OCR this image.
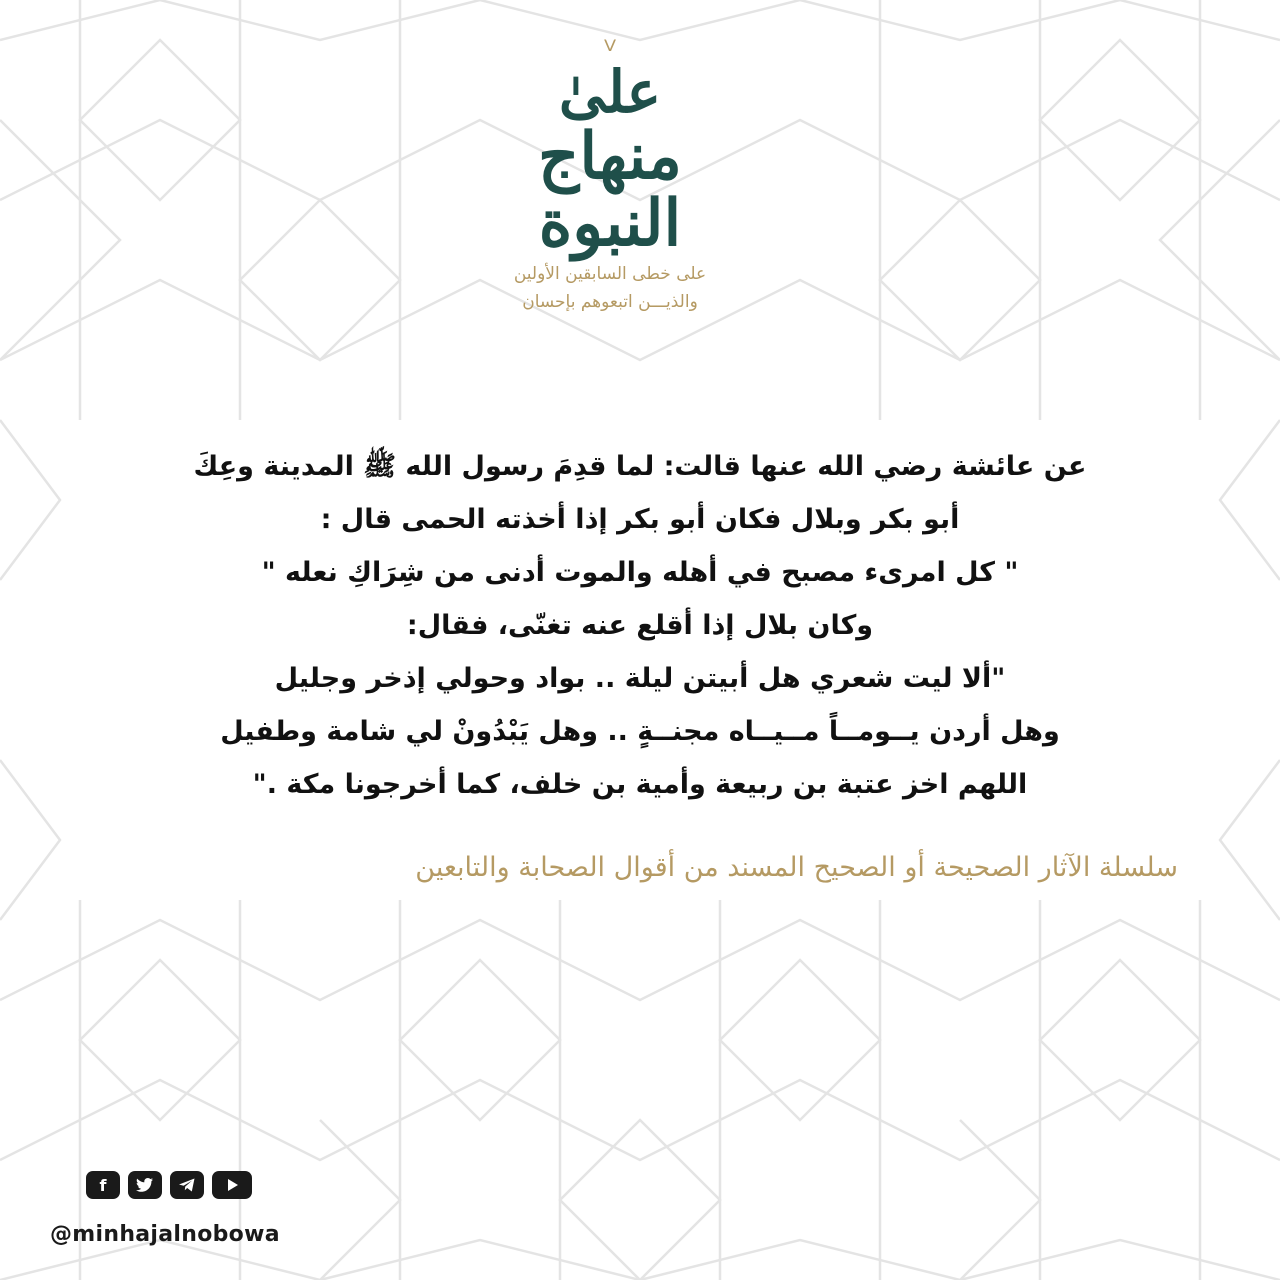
ⱽ
علىٰ
منهاج
النبوة
على خطى السابقين الأولين
والذيـــن اتبعوهم بإحسان
عن عائشة رضي الله عنها قالت: لما قدِمَ رسول الله ﷺ المدينة وعِكَ
أبو بكر وبلال فكان أبو بكر إذا أخذته الحمى قال :
" كل امرىء مصبح في أهله والموت أدنى من شِرَاكِ نعله "
وكان بلال إذا أقلع عنه تغنّى، فقال:
"ألا ليت شعري هل أبيتن ليلة .. بواد وحولي إذخر وجليل
وهل أردن يــومــاً مــيــاه مجنــةٍ .. وهل يَبْدُونْ لي شامة وطفيل
اللهم اخز عتبة بن ربيعة وأمية بن خلف، كما أخرجونا مكة ."
سلسلة الآثار الصحيحة أو الصحيح المسند من أقوال الصحابة والتابعين
f
@minhajalnobowa
